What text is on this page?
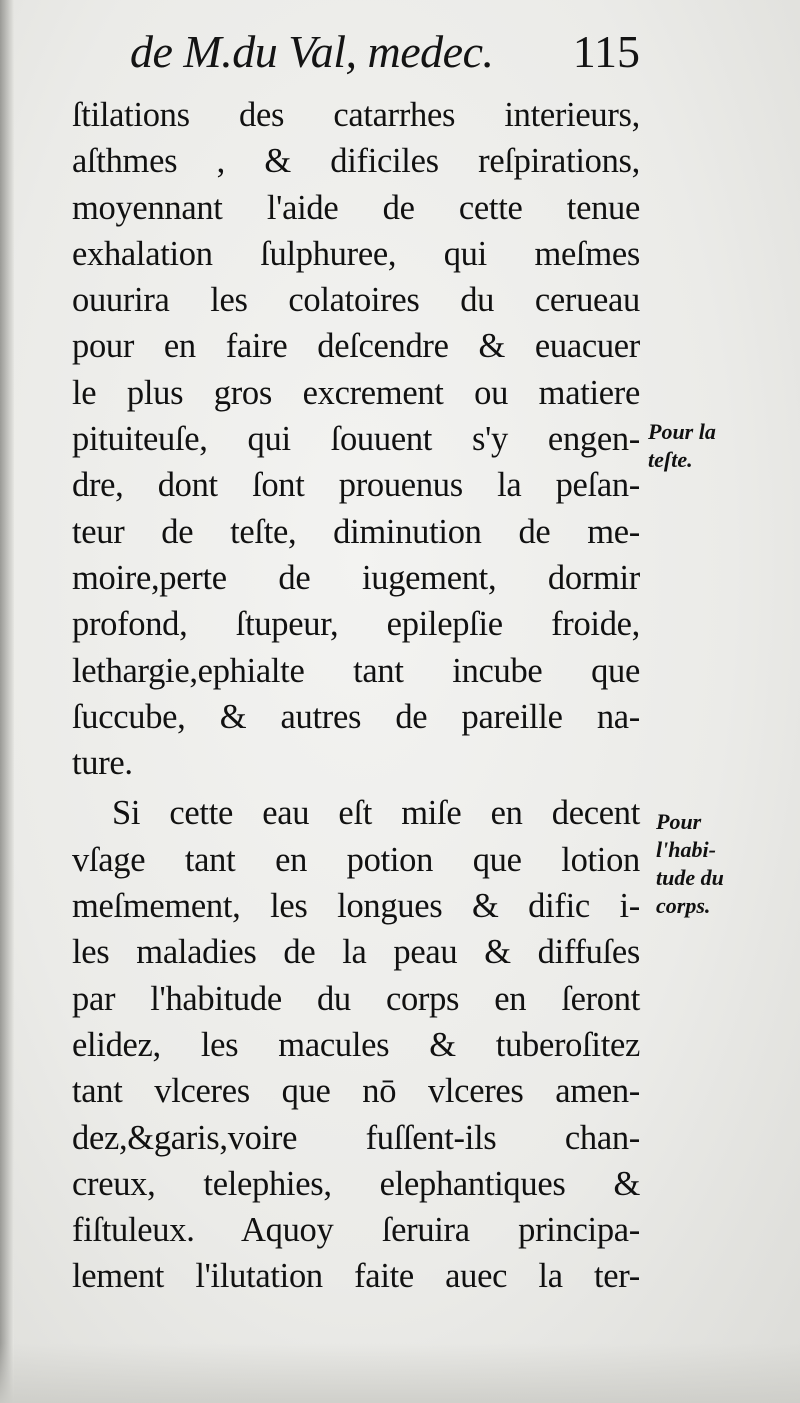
de M.du Val, medec. 115
ſtilations des catarrhes interieurs,
aſthmes , & dificiles reſpirations,
moyennant l'aide de cette tenue
exhalation ſulphuree, qui meſmes
ouurira les colatoires du cerueau
pour en faire deſcendre & euacuer
le plus gros excrement ou matiere
pituiteuſe, qui ſouuent s'y engen-
dre, dont ſont prouenus la peſan-
teur de teſte, diminution de me-
moire,perte de iugement, dormir
profond, ſtupeur, epilepſie froide,
lethargie,ephialte tant incube que
ſuccube, & autres de pareille na-
ture.
Si cette eau eſt miſe en decent
vſage tant en potion que lotion
meſmement, les longues & dific i-
les maladies de la peau & diffuſes
par l'habitude du corps en ſeront
elidez, les macules & tuberoſitez
tant vlceres que nō vlceres amen-
dez,&garis,voire fuſſent-ils chan-
creux, telephies, elephantiques &
fiſtuleux. Aquoy ſeruira principa-
lement l'ilutation faite auec la ter-
Pour la
teſte.
Pour
l'habi-
tude du
corps.
